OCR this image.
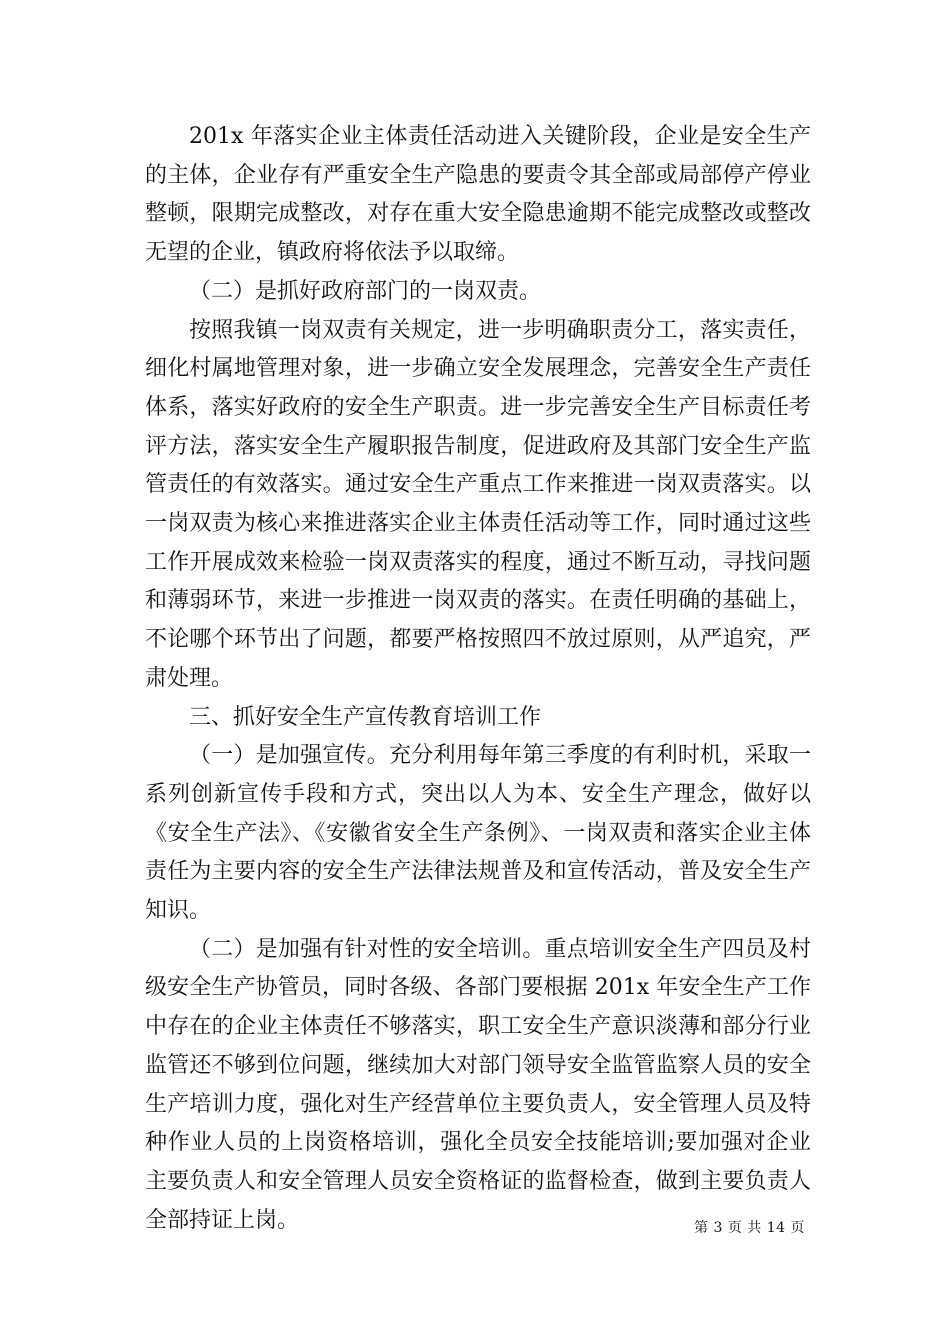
201x 年落实企业主体责任活动进入关键阶段，企业是安全生产的主体，企业存有严重安全生产隐患的要责令其全部或局部停产停业整顿，限期完成整改，对存在重大安全隐患逾期不能完成整改或整改无望的企业，镇政府将依法予以取缔。

（二）是抓好政府部门的一岗双责。

按照我镇一岗双责有关规定，进一步明确职责分工，落实责任，细化村属地管理对象，进一步确立安全发展理念，完善安全生产责任体系，落实好政府的安全生产职责。进一步完善安全生产目标责任考评方法，落实安全生产履职报告制度，促进政府及其部门安全生产监管责任的有效落实。通过安全生产重点工作来推进一岗双责落实。以一岗双责为核心来推进落实企业主体责任活动等工作，同时通过这些工作开展成效来检验一岗双责落实的程度，通过不断互动，寻找问题和薄弱环节，来进一步推进一岗双责的落实。在责任明确的基础上，不论哪个环节出了问题，都要严格按照四不放过原则，从严追究，严肃处理。

三、抓好安全生产宣传教育培训工作

（一）是加强宣传。充分利用每年第三季度的有利时机，采取一系列创新宣传手段和方式，突出以人为本、安全生产理念，做好以《安全生产法》、《安徽省安全生产条例》、一岗双责和落实企业主体责任为主要内容的安全生产法律法规普及和宣传活动，普及安全生产知识。

（二）是加强有针对性的安全培训。重点培训安全生产四员及村级安全生产协管员，同时各级、各部门要根据 201x 年安全生产工作中存在的企业主体责任不够落实，职工安全生产意识淡薄和部分行业监管还不够到位问题，继续加大对部门领导安全监管监察人员的安全生产培训力度，强化对生产经营单位主要负责人，安全管理人员及特种作业人员的上岗资格培训，强化全员安全技能培训;要加强对企业主要负责人和安全管理人员安全资格证的监督检查，做到主要负责人全部持证上岗。	第 3 页 共 14 页
